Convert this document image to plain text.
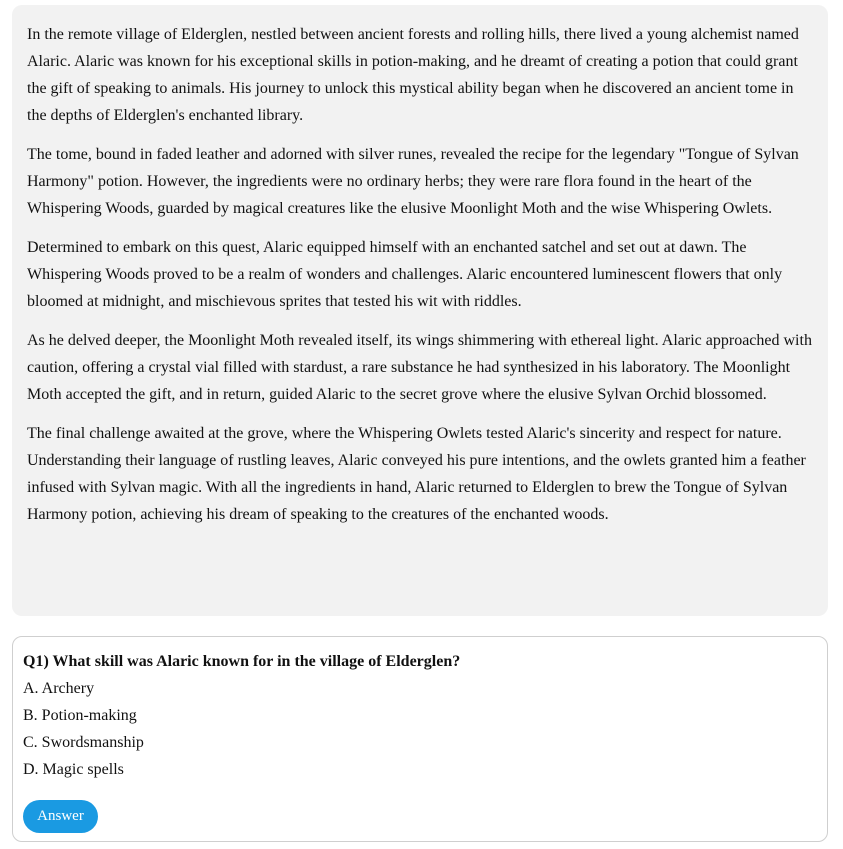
In the remote village of Elderglen, nestled between ancient forests and rolling hills, there lived a young alchemist named Alaric. Alaric was known for his exceptional skills in potion-making, and he dreamt of creating a potion that could grant the gift of speaking to animals. His journey to unlock this mystical ability began when he discovered an ancient tome in the depths of Elderglen's enchanted library.

The tome, bound in faded leather and adorned with silver runes, revealed the recipe for the legendary "Tongue of Sylvan Harmony" potion. However, the ingredients were no ordinary herbs; they were rare flora found in the heart of the Whispering Woods, guarded by magical creatures like the elusive Moonlight Moth and the wise Whispering Owlets.

Determined to embark on this quest, Alaric equipped himself with an enchanted satchel and set out at dawn. The Whispering Woods proved to be a realm of wonders and challenges. Alaric encountered luminescent flowers that only bloomed at midnight, and mischievous sprites that tested his wit with riddles.

As he delved deeper, the Moonlight Moth revealed itself, its wings shimmering with ethereal light. Alaric approached with caution, offering a crystal vial filled with stardust, a rare substance he had synthesized in his laboratory. The Moonlight Moth accepted the gift, and in return, guided Alaric to the secret grove where the elusive Sylvan Orchid blossomed.

The final challenge awaited at the grove, where the Whispering Owlets tested Alaric's sincerity and respect for nature. Understanding their language of rustling leaves, Alaric conveyed his pure intentions, and the owlets granted him a feather infused with Sylvan magic. With all the ingredients in hand, Alaric returned to Elderglen to brew the Tongue of Sylvan Harmony potion, achieving his dream of speaking to the creatures of the enchanted woods.

Q1) What skill was Alaric known for in the village of Elderglen?

A. Archery
B. Potion-making
C. Swordsmanship
D. Magic spells
Answer
